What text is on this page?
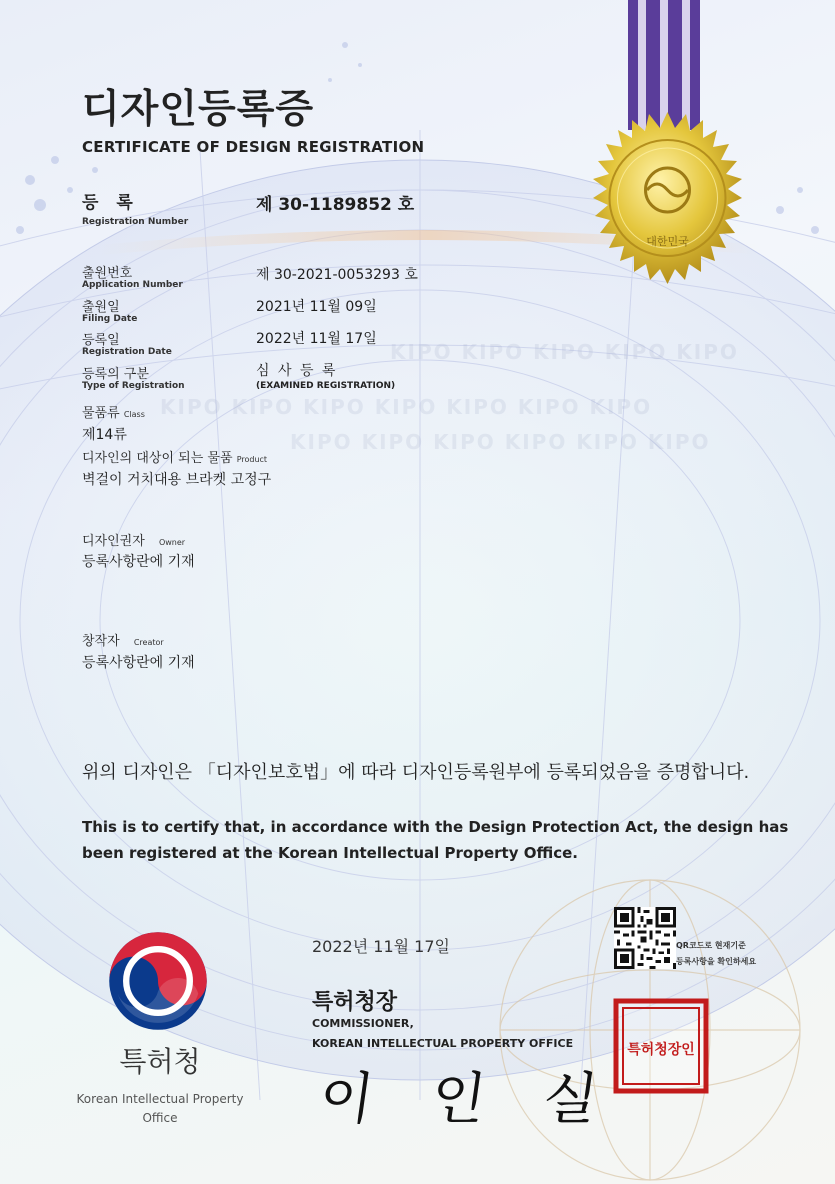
KIPO KIPO KIPO KIPO KIPO
KIPO KIPO KIPO KIPO KIPO KIPO KIPO
KIPO KIPO KIPO KIPO KIPO KIPO
대한민국
디자인등록증
CERTIFICATE OF DESIGN REGISTRATION
등 록
Registration Number
제 30-1189852 호
출원번호
Application Number
제 30-2021-0053293 호
출원일
Filing Date
2021년 11월 09일
등록일
Registration Date
2022년 11월 17일
등록의 구분
Type of Registration
심 사 등 록
(EXAMINED REGISTRATION)
물품류 Class
제14류
디자인의 대상이 되는 물품 Product
벽걸이 거치대용 브라켓 고정구
디자인권자 Owner
등록사항란에 기재
창작자 Creator
등록사항란에 기재
위의 디자인은 「디자인보호법」에 따라 디자인등록원부에 등록되었음을 증명합니다.
This is to certify that, in accordance with the Design Protection Act, the design has been registered at the Korean Intellectual Property Office.
특허청
Korean Intellectual Property Office
2022년 11월 17일
특허청장
COMMISSIONER,
KOREAN INTELLECTUAL PROPERTY OFFICE
이 인 실
QR코드로 현재기준
등록사항을 확인하세요
특허청장인
